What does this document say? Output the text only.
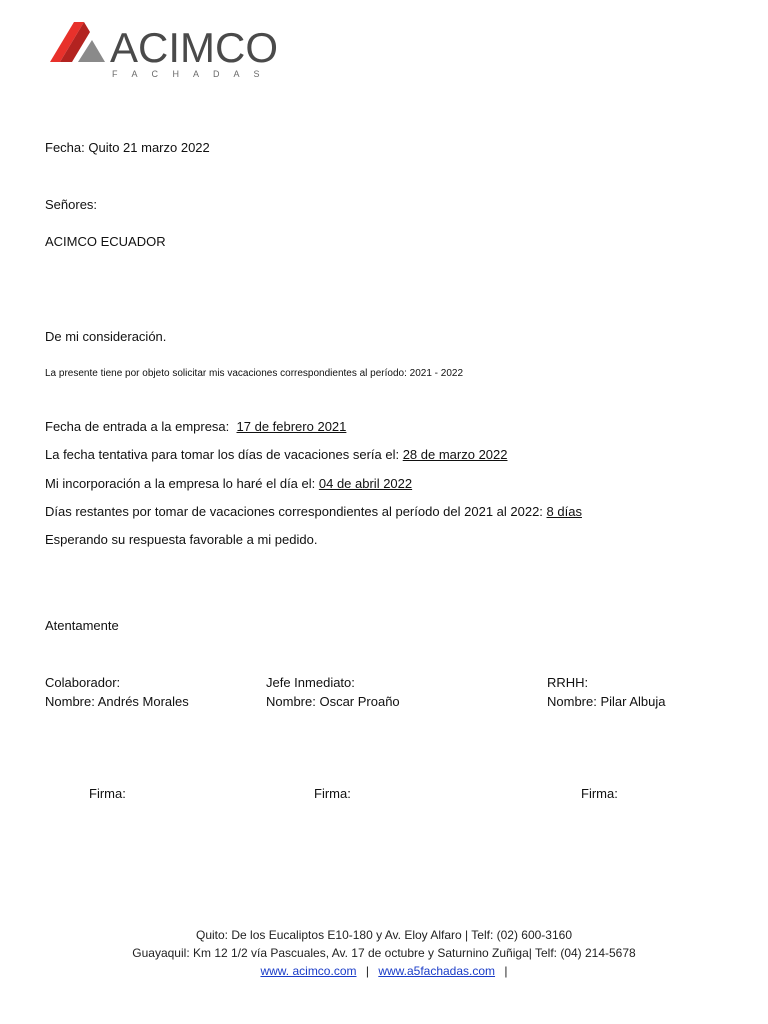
ACIMCO
F A C H A D A S
Fecha: Quito 21 marzo 2022
Señores:
ACIMCO ECUADOR
De mi consideración.
La presente tiene por objeto solicitar mis vacaciones correspondientes al período: 2021 - 2022
Fecha de entrada a la empresa:  17 de febrero 2021
La fecha tentativa para tomar los días de vacaciones sería el: 28 de marzo 2022
Mi incorporación a la empresa lo haré el día el: 04 de abril 2022
Días restantes por tomar de vacaciones correspondientes al período del 2021 al 2022: 8 días
Esperando su respuesta favorable a mi pedido.
Atentamente
Colaborador:
Nombre: Andrés Morales
Jefe Inmediato:
Nombre: Oscar Proaño
RRHH:
Nombre: Pilar Albuja
Firma:	Firma:	Firma:
Quito: De los Eucaliptos E10-180 y Av. Eloy Alfaro | Telf: (02) 600-3160
Guayaquil: Km 12 1/2 vía Pascuales, Av. 17 de octubre y Saturnino Zuñiga| Telf: (04) 214-5678
www. acimco.com | www.a5fachadas.com |
